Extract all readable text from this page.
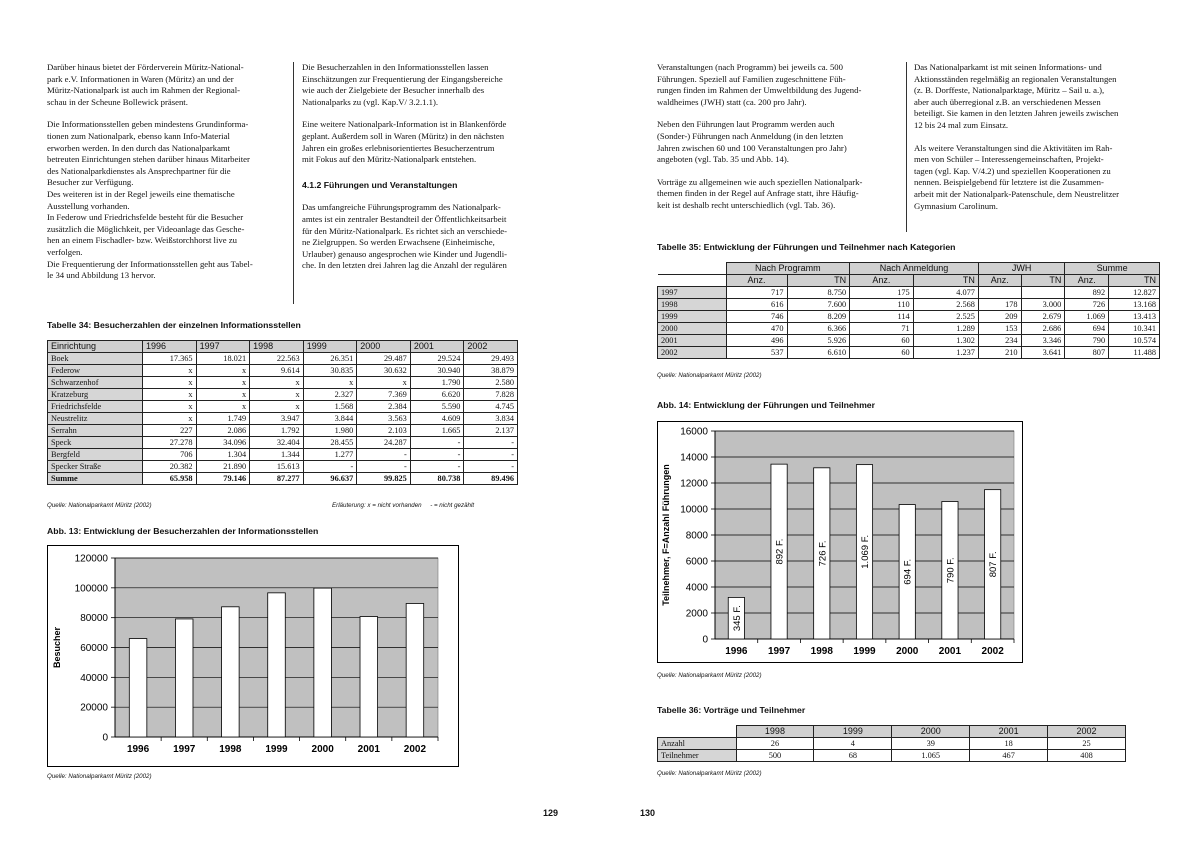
Darüber hinaus bietet der Förderverein Müritz-National-
park e.V. Informationen in Waren (Müritz) an und der
Müritz-Nationalpark ist auch im Rahmen der Regional-
schau in der Scheune Bollewick präsent.

Die Informationsstellen geben mindestens Grundinforma-
tionen zum Nationalpark, ebenso kann Info-Material
erworben werden. In den durch das Nationalparkamt
betreuten Einrichtungen stehen darüber hinaus Mitarbeiter
des Nationalparkdienstes als Ansprechpartner für die
Besucher zur Verfügung.
Des weiteren ist in der Regel jeweils eine thematische
Ausstellung vorhanden.
In Federow und Friedrichsfelde besteht für die Besucher
zusätzlich die Möglichkeit, per Videoanlage das Gesche-
hen an einem Fischadler- bzw. Weißstorchhorst live zu
verfolgen.
Die Frequentierung der Informationsstellen geht aus Tabel-
le 34 und Abbildung 13 hervor.

Die Besucherzahlen in den Informationsstellen lassen
Einschätzungen zur Frequentierung der Eingangsbereiche
wie auch der Zielgebiete der Besucher innerhalb des
Nationalparks zu (vgl. Kap.V/ 3.2.1.1).

Eine weitere Nationalpark-Information ist in Blankenförde
geplant. Außerdem soll in Waren (Müritz) in den nächsten
Jahren ein großes erlebnisorientiertes Besucherzentrum
mit Fokus auf den Müritz-Nationalpark entstehen.

4.1.2 Führungen und Veranstaltungen

Das umfangreiche Führungsprogramm des Nationalpark-
amtes ist ein zentraler Bestandteil der Öffentlichkeitsarbeit
für den Müritz-Nationalpark. Es richtet sich an verschiede-
ne Zielgruppen. So werden Erwachsene (Einheimische,
Urlauber) genauso angesprochen wie Kinder und Jugendli-
che. In den letzten drei Jahren lag die Anzahl der regulären

Tabelle 34: Besucherzahlen der einzelnen Informationsstellen
Einrichtung	1996	1997	1998	1999	2000	2001	2002
Boek	17.365	18.021	22.563	26.351	29.487	29.524	29.493
Federow	x	x	9.614	30.835	30.632	30.940	38.879
Schwarzenhof	x	x	x	x	x	1.790	2.580
Kratzeburg	x	x	x	2.327	7.369	6.620	7.828
Friedrichsfelde	x	x	x	1.568	2.384	5.590	4.745
Neustrelitz	x	1.749	3.947	3.844	3.563	4.609	3.834
Serrahn	227	2.086	1.792	1.980	2.103	1.665	2.137
Speck	27.278	34.096	32.404	28.455	24.287	-	-
Bergfeld	706	1.304	1.344	1.277	-	-	-
Specker Straße	20.382	21.890	15.613	-	-	-	-
Summe	65.958	79.146	87.277	96.637	99.825	80.738	89.496
Quelle: Nationalparkamt Müritz (2002)	Erläuterung: x = nicht vorhanden     - = nicht gezählt
Abb. 13: Entwicklung der Besucherzahlen der Informationsstellen
0
20000
40000
60000
80000
100000
120000
1996 1997 1998 1999 2000 2001 2002
Besucher
Quelle: Nationalparkamt Müritz (2002)
129

Veranstaltungen (nach Programm) bei jeweils ca. 500
Führungen. Speziell auf Familien zugeschnittene Füh-
rungen finden im Rahmen der Umweltbildung des Jugend-
waldheimes (JWH) statt (ca. 200 pro Jahr).

Neben den Führungen laut Programm werden auch
(Sonder-) Führungen nach Anmeldung (in den letzten
Jahren zwischen 60 und 100 Veranstaltungen pro Jahr)
angeboten (vgl. Tab. 35 und Abb. 14).

Vorträge zu allgemeinen wie auch speziellen Nationalpark-
themen finden in der Regel auf Anfrage statt, ihre Häufig-
keit ist deshalb recht unterschiedlich (vgl. Tab. 36).

Das Nationalparkamt ist mit seinen Informations- und
Aktionsständen regelmäßig an regionalen Veranstaltungen
(z. B. Dorffeste, Nationalparktage, Müritz – Sail u. a.),
aber auch überregional z.B. an verschiedenen Messen
beteiligt. Sie kamen in den letzten Jahren jeweils zwischen
12 bis 24 mal zum Einsatz.

Als weitere Veranstaltungen sind die Aktivitäten im Rah-
men von Schüler – Interessengemeinschaften, Projekt-
tagen (vgl. Kap. V/4.2) und speziellen Kooperationen zu
nennen. Beispielgebend für letztere ist die Zusammen-
arbeit mit der Nationalpark-Patenschule, dem Neustrelitzer
Gymnasium Carolinum.

Tabelle 35: Entwicklung der Führungen und Teilnehmer nach Kategorien
	Nach Programm		Nach Anmeldung		JWH		Summe	
	Anz.	TN	Anz.	TN	Anz.	TN	Anz.	TN
1997	717	8.750	175	4.077			892	12.827
1998	616	7.600	110	2.568	178	3.000	726	13.168
1999	746	8.209	114	2.525	209	2.679	1.069	13.413
2000	470	6.366	71	1.289	153	2.686	694	10.341
2001	496	5.926	60	1.302	234	3.346	790	10.574
2002	537	6.610	60	1.237	210	3.641	807	11.488
Quelle: Nationalparkamt Müritz (2002)
Abb. 14: Entwicklung der Führungen und Teilnehmer
0
2000
4000
6000
8000
10000
12000
14000
16000
1996
345 F.
1997
892 F.
1998
726 F.
1999
1.069 F.
2000
694 F.
2001
790 F.
2002
807 F.
Teilnehmer, F=Anzahl Führungen
Quelle: Nationalparkamt Müritz (2002)
Tabelle 36: Vorträge und Teilnehmer
	1998	1999	2000	2001	2002
Anzahl	26	4	39	18	25
Teilnehmer	500	68	1.065	467	408
Quelle: Nationalparkamt Müritz (2002)
130
